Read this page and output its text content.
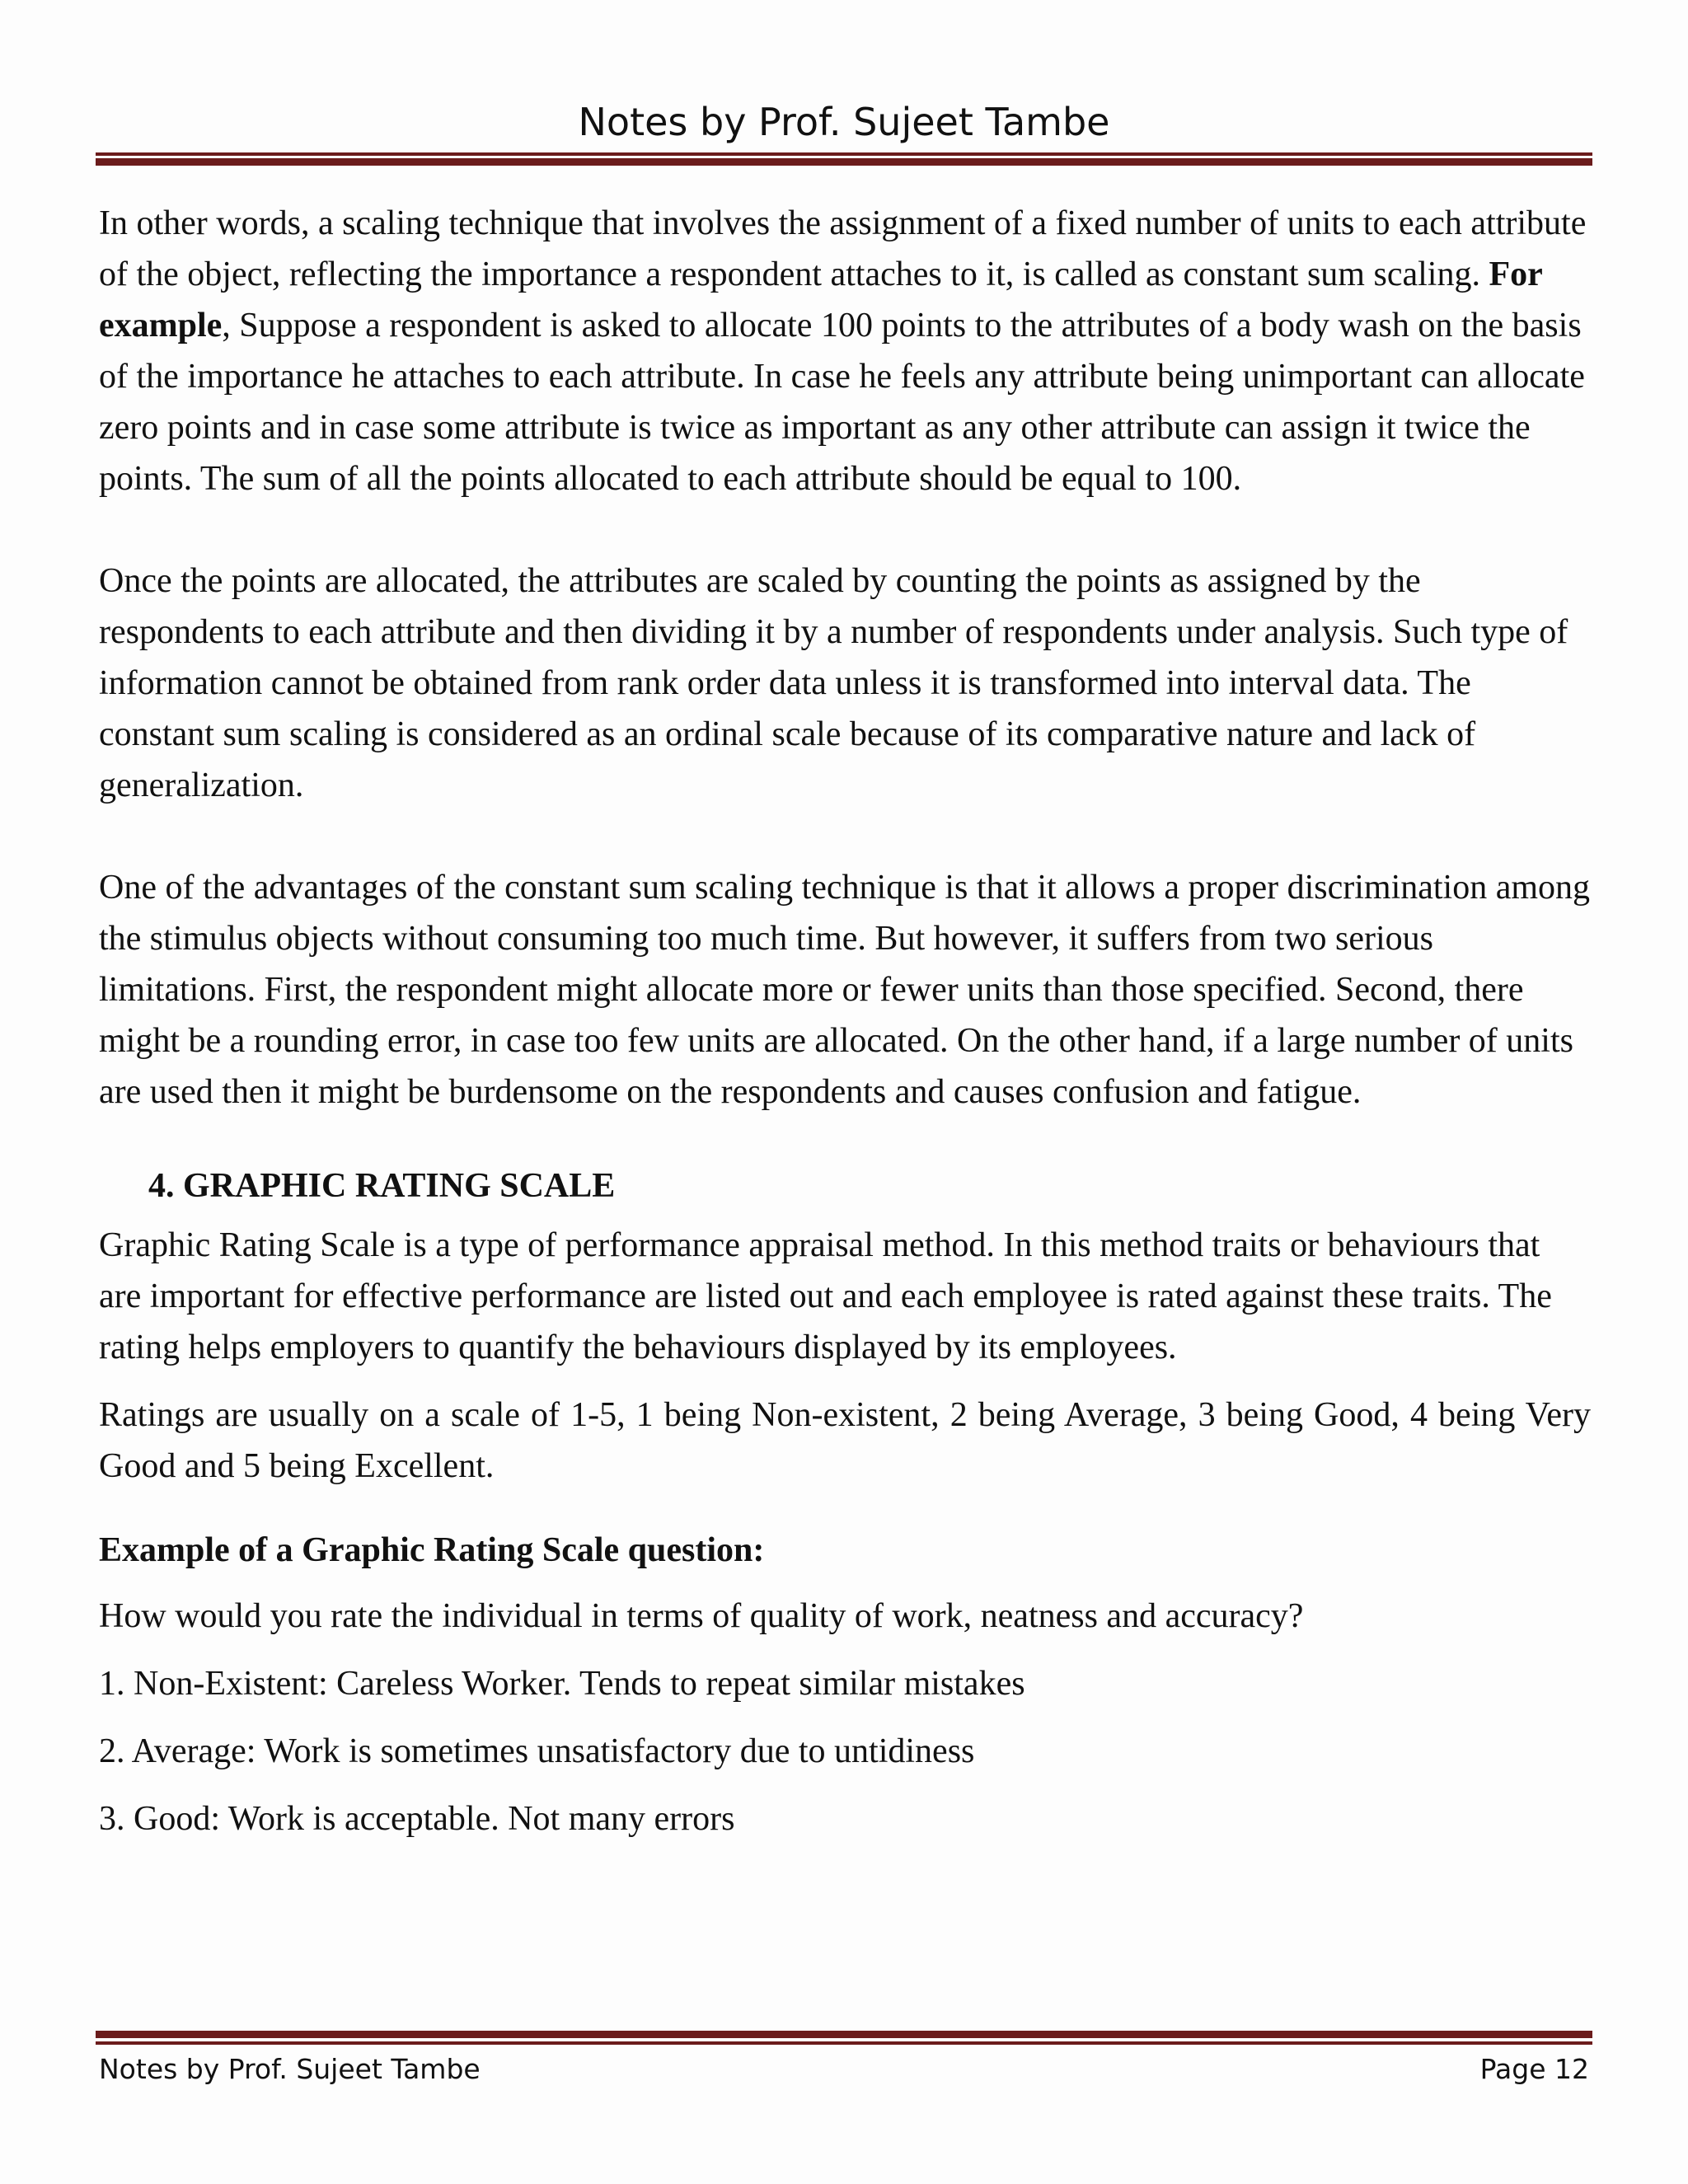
Notes by Prof. Sujeet Tambe

In other words, a scaling technique that involves the assignment of a fixed number of units to each attribute of the object, reflecting the importance a respondent attaches to it, is called as constant sum scaling. For example, Suppose a respondent is asked to allocate 100 points to the attributes of a body wash on the basis of the importance he attaches to each attribute. In case he feels any attribute being unimportant can allocate zero points and in case some attribute is twice as important as any other attribute can assign it twice the points. The sum of all the points allocated to each attribute should be equal to 100.

Once the points are allocated, the attributes are scaled by counting the points as assigned by the respondents to each attribute and then dividing it by a number of respondents under analysis. Such type of information cannot be obtained from rank order data unless it is transformed into interval data. The constant sum scaling is considered as an ordinal scale because of its comparative nature and lack of generalization.

One of the advantages of the constant sum scaling technique is that it allows a proper discrimination among the stimulus objects without consuming too much time. But however, it suffers from two serious limitations. First, the respondent might allocate more or fewer units than those specified. Second, there might be a rounding error, in case too few units are allocated. On the other hand, if a large number of units are used then it might be burdensome on the respondents and causes confusion and fatigue.

4. GRAPHIC RATING SCALE

Graphic Rating Scale is a type of performance appraisal method. In this method traits or behaviours that are important for effective performance are listed out and each employee is rated against these traits. The rating helps employers to quantify the behaviours displayed by its employees.

Ratings are usually on a scale of 1-5, 1 being Non-existent, 2 being Average, 3 being Good, 4 being Very Good and 5 being Excellent.

Example of a Graphic Rating Scale question:

How would you rate the individual in terms of quality of work, neatness and accuracy?

1. Non-Existent: Careless Worker. Tends to repeat similar mistakes

2. Average: Work is sometimes unsatisfactory due to untidiness

3. Good: Work is acceptable. Not many errors

Notes by Prof. Sujeet Tambe	Page 12
